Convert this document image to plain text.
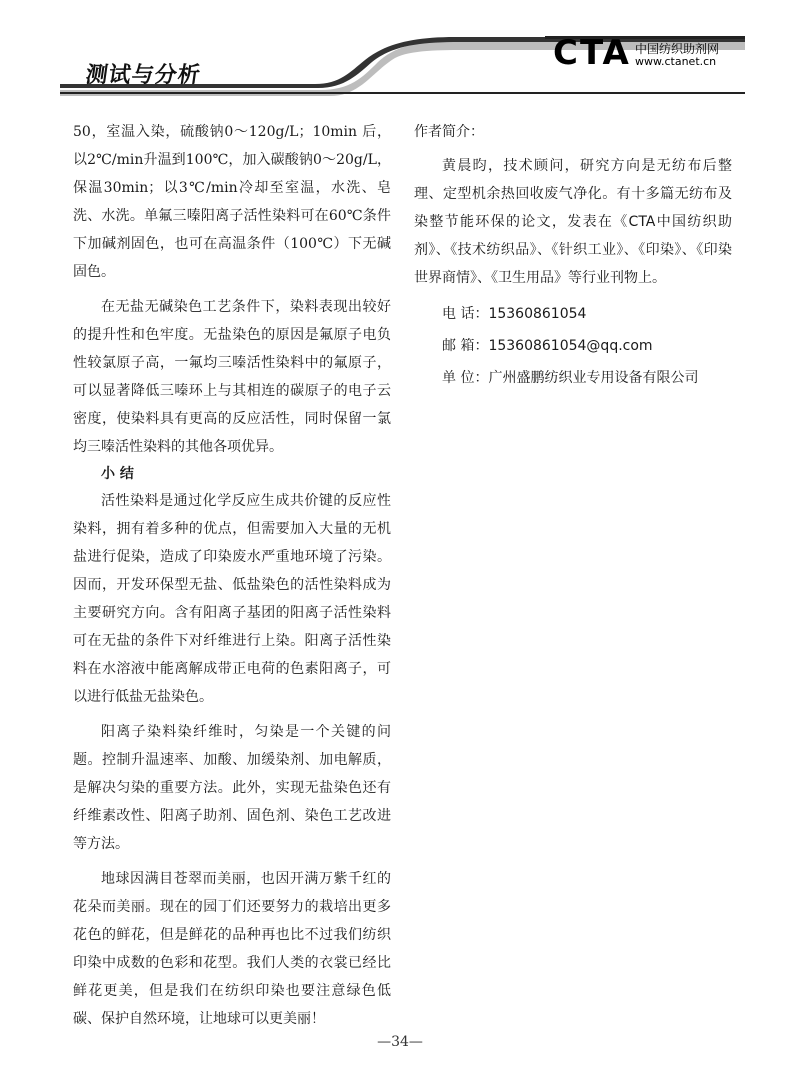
测试与分析
CTA 中国纺织助剂网
www.ctanet.cn

50，室温入染，硫酸钠0～120g/L；10min 后，以2℃/min升温到100℃，加入碳酸钠0～20g/L，保温30min；以3℃/min冷却至室温，水洗、皂洗、水洗。单氟三嗪阳离子活性染料可在60℃条件下加碱剂固色，也可在高温条件（100℃）下无碱固色。

在无盐无碱染色工艺条件下，染料表现出较好的提升性和色牢度。无盐染色的原因是氟原子电负性较氯原子高，一氟均三嗪活性染料中的氟原子，可以显著降低三嗪环上与其相连的碳原子的电子云密度，使染料具有更高的反应活性，同时保留一氯均三嗪活性染料的其他各项优异。

小 结

活性染料是通过化学反应生成共价键的反应性染料，拥有着多种的优点，但需要加入大量的无机盐进行促染，造成了印染废水严重地环境了污染。因而，开发环保型无盐、低盐染色的活性染料成为主要研究方向。含有阳离子基团的阳离子活性染料可在无盐的条件下对纤维进行上染。阳离子活性染料在水溶液中能离解成带正电荷的色素阳离子，可以进行低盐无盐染色。

阳离子染料染纤维时，匀染是一个关键的问题。控制升温速率、加酸、加缓染剂、加电解质，是解决匀染的重要方法。此外，实现无盐染色还有纤维素改性、阳离子助剂、固色剂、染色工艺改进等方法。

地球因满目苍翠而美丽，也因开满万紫千红的花朵而美丽。现在的园丁们还要努力的栽培出更多花色的鲜花，但是鲜花的品种再也比不过我们纺织印染中成数的色彩和花型。我们人类的衣裳已经比鲜花更美，但是我们在纺织印染也要注意绿色低碳、保护自然环境，让地球可以更美丽！

作者简介：

黄晨昀，技术顾问，研究方向是无纺布后整理、定型机余热回收废气净化。有十多篇无纺布及染整节能环保的论文，发表在《CTA中国纺织助剂》、《技术纺织品》、《针织工业》、《印染》、《印染世界商情》、《卫生用品》等行业刊物上。

电 话：15360861054
邮 箱：15360861054@qq.com
单 位：广州盛鹏纺织业专用设备有限公司
—34—
